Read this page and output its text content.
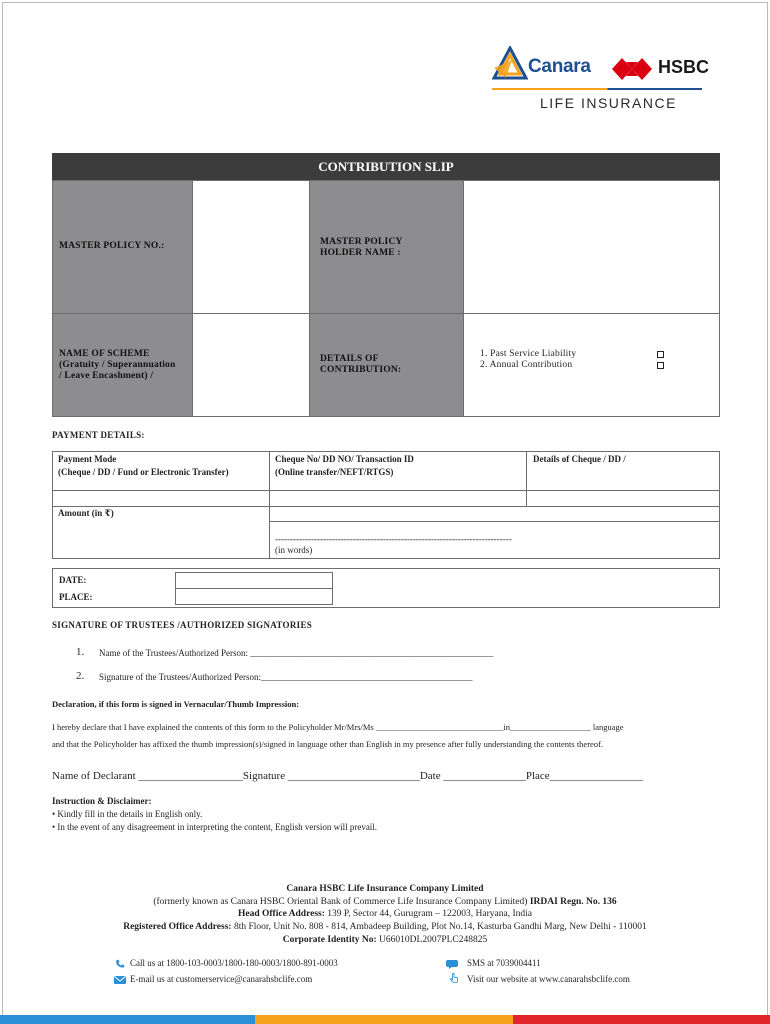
Canara	HSBC
LIFE INSURANCE
CONTRIBUTION SLIP
MASTER POLICY NO.:	MASTER POLICY
HOLDER NAME :
NAME OF SCHEME
(Gratuity / Superannuation
/ Leave Encashment) /
DETAILS OF
CONTRIBUTION:
1. Past Service Liability
2. Annual Contribution
PAYMENT DETAILS:
Payment Mode
(Cheque / DD / Fund or Electronic Transfer)
Cheque No/ DD NO/ Transaction ID
(Online transfer/NEFT/RTGS)
Details of Cheque / DD /
Amount (in ₹)
-------------------------------------------------------------------------------
(in words)
DATE:
PLACE:
SIGNATURE OF TRUSTEES /AUTHORIZED SIGNATORIES
1. Name of the Trustees/Authorized Person: ______________________________________________________
2. Signature of the Trustees/Authorized Person:_______________________________________________
Declaration, if this form is signed in Vernacular/Thumb Impression:
I hereby declare that I have explained the contents of this form to the Policyholder Mr/Mrs/Ms ______________________________in___________________ language
and that the Policyholder has affixed the thumb impression(s)/signed in language other than English in my presence after fully understanding the contents thereof.
Name of Declarant ___________________Signature ________________________Date _______________Place_________________
Instruction & Disclaimer:
• Kindly fill in the details in English only.
• In the event of any disagreement in interpreting the content, English version will prevail.
Canara HSBC Life Insurance Company Limited
(formerly known as Canara HSBC Oriental Bank of Commerce Life Insurance Company Limited) IRDAI Regn. No. 136
Head Office Address: 139 P, Sector 44, Gurugram – 122003, Haryana, India
Registered Office Address: 8th Floor, Unit No. 808 - 814, Ambadeep Building, Plot No.14, Kasturba Gandhi Marg, New Delhi - 110001
Corporate Identity No: U66010DL2007PLC248825
Call us at 1800-103-0003/1800-180-0003/1800-891-0003
E-mail us at customerservice@canarahsbclife.com
SMS at 7039004411
Visit our website at www.canarahsbclife.com
